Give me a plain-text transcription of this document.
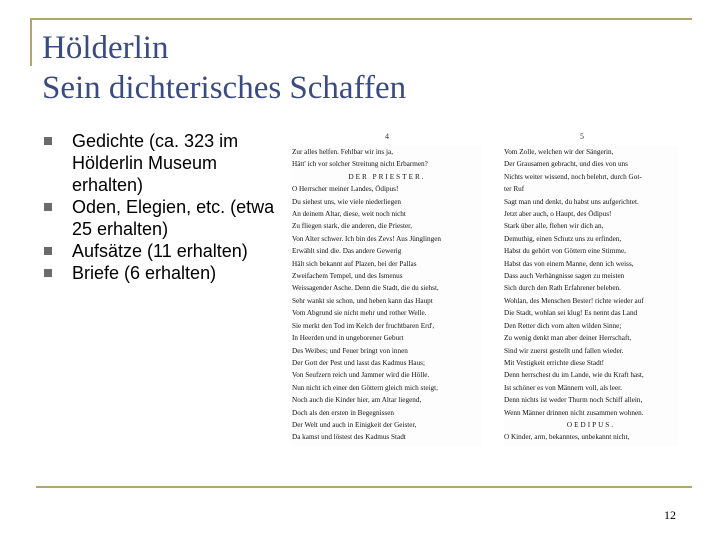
Hölderlin
Sein dichterisches Schaffen
Gedichte (ca. 323 im Hölderlin Museum erhalten)
Oden, Elegien, etc. (etwa 25 erhalten)
Aufsätze (11 erhalten)
Briefe (6 erhalten)
4
Zur alles helfen. Fehlbar wir ins ja,
Hätt' ich vor solcher Streitung nicht Erbarmen?
DER PRIESTER.
O Herrscher meiner Landes, Ödipus!
Du siehest uns, wie viele niederliegen
An deinem Altar, diese, weit noch nicht
Zu fliegen stark, die anderen, die Priester,
Von Alter schwer. Ich bin des Zevs! Aus Jünglingen
Erwählt sind die. Das andere Gewerig
Hält sich bekannt auf Plazen, bei der Pallas
Zweifachem Tempel, und des Ismenus
Weissagender Asche. Denn die Stadt, die du siehst,
Sehr wankt sie schon, und heben kann das Haupt
Vom Abgrund sie nicht mehr und rother Welle.
Sie merkt den Tod im Kelch der fruchtbaren Erd',
In Heerden und in ungeborener Geburt
Des Weibes; und Feuer bringt von innen
Der Gott der Pest und lasst das Kadmus Haus;
Von Seufzern reich und Jammer wird die Hölle.
Nun nicht ich einer den Göttern gleich mich steigt,
Noch auch die Kinder hier, am Altar liegend,
Doch als den ersten in Begegnissen
Der Welt und auch in Einigkeit der Geister,
Da kamst und löstest des Kadmus Stadt
5
Vom Zolle, welchen wir der Sängerin,
Der Grausamen gebracht, und dies von uns
Nichts weiter wissend, noch belehrt, durch Got-
ter Ruf
Sagt man und denkt, du habst uns aufgerichtet.
Jetzt aber auch, o Haupt, des Ödipus!
Stark über alle, flehen wir dich an,
Demuthig, einen Schutz uns zu erfinden,
Habst du gehört von Göttern eine Stimme,
Habst das von einem Manne, denn ich weiss,
Dass auch Verhängnisse sagen zu meisten
Sich durch den Rath Erfahrener beleben.
Wohlan, des Menschen Bester! richte wieder auf
Die Stadt, wohlan sei klug! Es nennt das Land
Den Retter dich vom alten wilden Sinne;
Zu wenig denkt man aber deiner Herrschaft,
Sind wir zuerst gestellt und fallen wieder.
Mit Vestigkeit errichte diese Stadt!
Denn herrschest du im Lande, wie du Kraft hast,
Ist schöner es von Männern voll, als leer.
Denn nichts ist weder Thurm noch Schiff allein,
Wenn Männer drinnen nicht zusammen wohnen.
OEDIPUS.
O Kinder, arm, bekanntes, unbekannt nicht,
12
